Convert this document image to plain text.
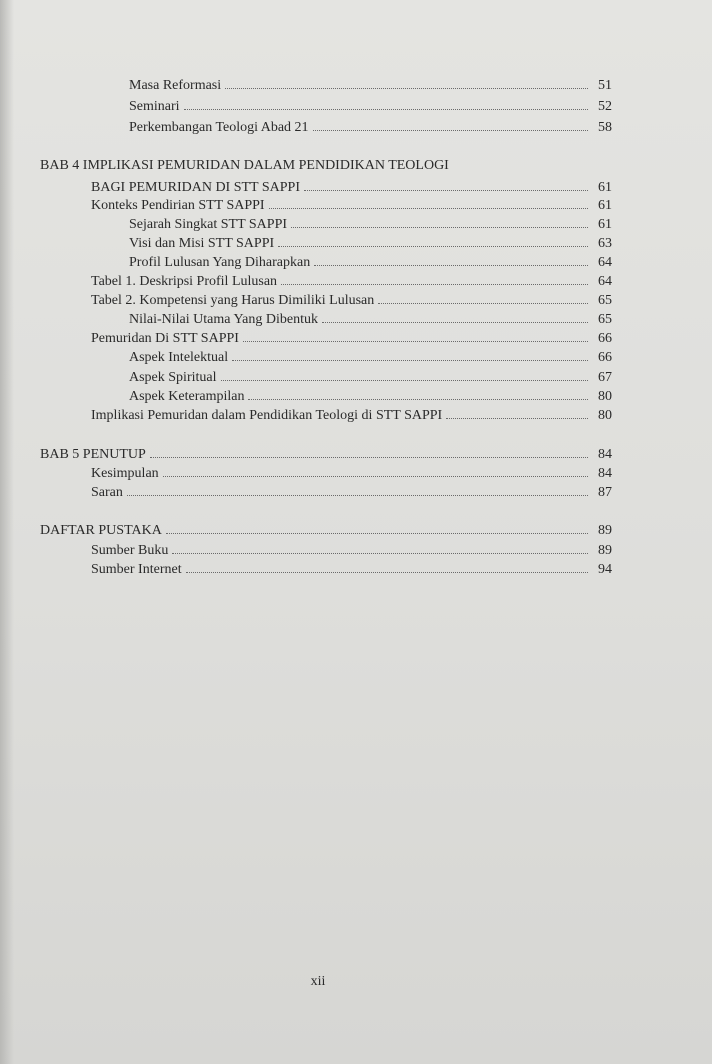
Masa Reformasi	51
Seminari	52
Perkembangan Teologi Abad 21	58
BAB 4 IMPLIKASI PEMURIDAN DALAM PENDIDIKAN TEOLOGI
BAGI PEMURIDAN DI STT SAPPI	61
Konteks Pendirian STT SAPPI	61
Sejarah Singkat STT SAPPI	61
Visi dan Misi STT SAPPI	63
Profil Lulusan Yang Diharapkan	64
Tabel 1. Deskripsi Profil Lulusan	64
Tabel 2. Kompetensi yang Harus Dimiliki Lulusan	65
Nilai-Nilai Utama Yang Dibentuk	65
Pemuridan Di STT SAPPI	66
Aspek Intelektual	66
Aspek Spiritual	67
Aspek Keterampilan	80
Implikasi Pemuridan dalam Pendidikan Teologi di STT SAPPI	80
BAB 5 PENUTUP	84
Kesimpulan	84
Saran	87
DAFTAR PUSTAKA	89
Sumber Buku	89
Sumber Internet	94
xii
